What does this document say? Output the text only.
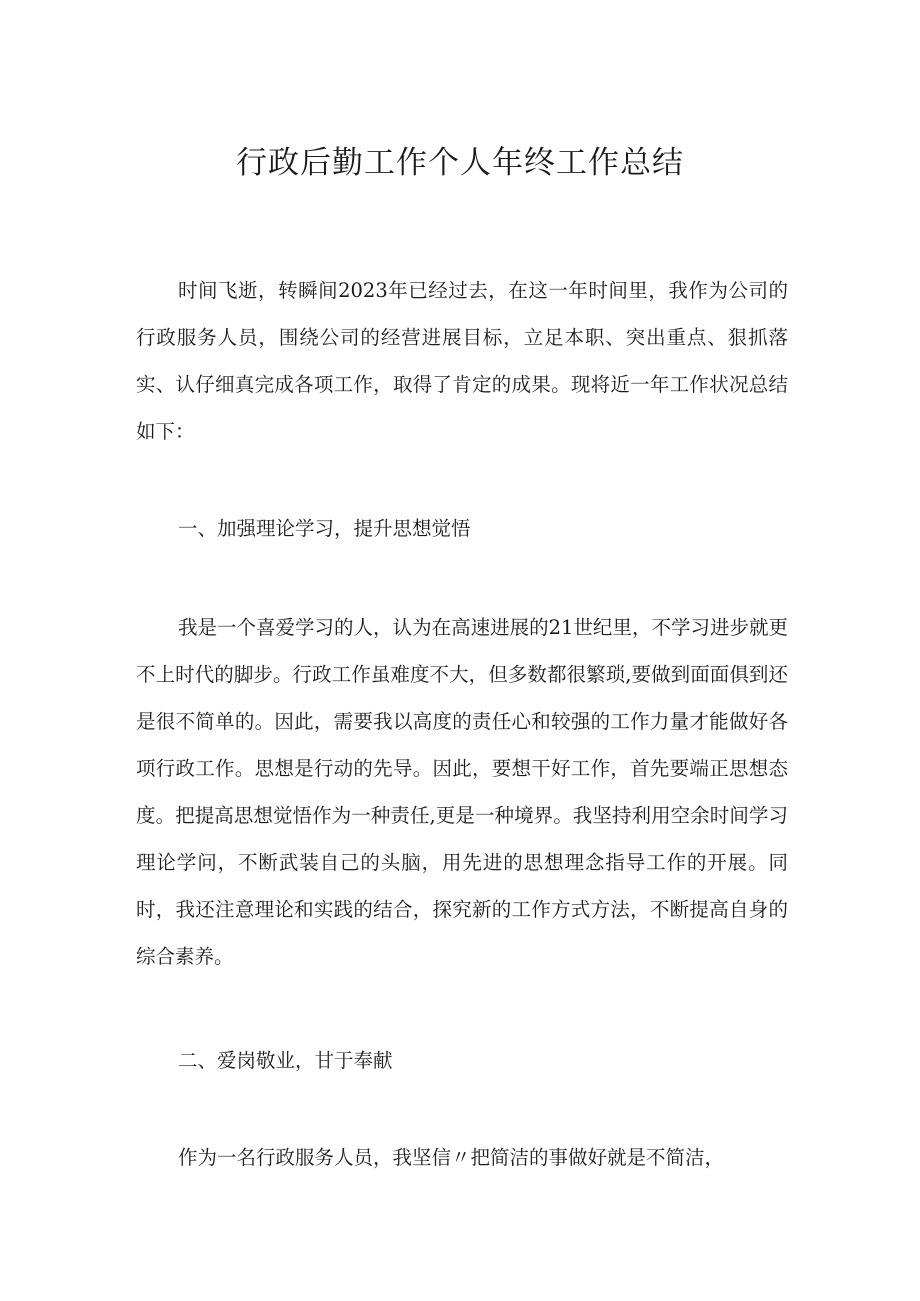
行政后勤工作个人年终工作总结

时间飞逝，转瞬间2023年已经过去，在这一年时间里，我作为公司的行政服务人员，围绕公司的经营进展目标，立足本职、突出重点、狠抓落实、认仔细真完成各项工作，取得了肯定的成果。现将近一年工作状况总结如下：

一、加强理论学习，提升思想觉悟

我是一个喜爱学习的人，认为在高速进展的21世纪里，不学习进步就更不上时代的脚步。行政工作虽难度不大，但多数都很繁琐,要做到面面俱到还是很不简单的。因此，需要我以高度的责任心和较强的工作力量才能做好各项行政工作。思想是行动的先导。因此，要想干好工作，首先要端正思想态度。把提高思想觉悟作为一种责任,更是一种境界。我坚持利用空余时间学习理论学问，不断武装自己的头脑，用先进的思想理念指导工作的开展。同时，我还注意理论和实践的结合，探究新的工作方式方法，不断提高自身的综合素养。

二、爱岗敬业，甘于奉献

作为一名行政服务人员，我坚信〃把简洁的事做好就是不简洁，
